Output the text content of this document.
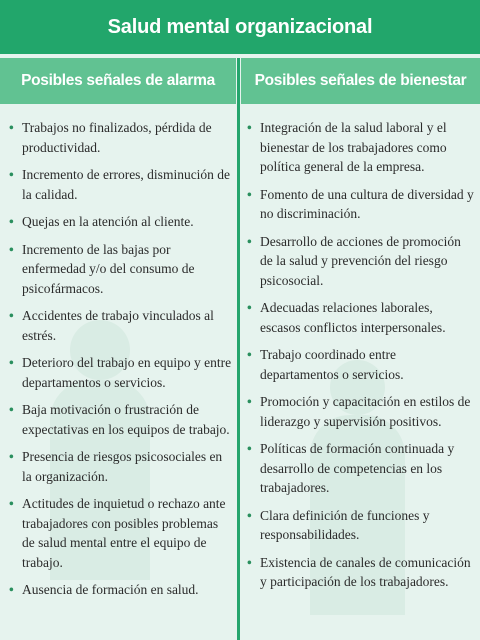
Salud mental organizacional
Posibles señales de alarma	Posibles señales de bienestar
• Trabajos no finalizados, pérdida de productividad.
• Incremento de errores, disminución de la calidad.
• Quejas en la atención al cliente.
• Incremento de las bajas por enfermedad y/o del consumo de psicofármacos.
• Accidentes de trabajo vinculados al estrés.
• Deterioro del trabajo en equipo y entre departamentos o servicios.
• Baja motivación o frustración de expectativas en los equipos de trabajo.
• Presencia de riesgos psicosociales en la organización.
• Actitudes de inquietud o rechazo ante trabajadores con posibles problemas de salud mental entre el equipo de trabajo.
• Ausencia de formación en salud.
• Integración de la salud laboral y el bienestar de los trabajadores como política general de la empresa.
• Fomento de una cultura de diversidad y no discriminación.
• Desarrollo de acciones de promoción de la salud y prevención del riesgo psicosocial.
• Adecuadas relaciones laborales, escasos conflictos interpersonales.
• Trabajo coordinado entre departamentos o servicios.
• Promoción y capacitación en estilos de liderazgo y supervisión positivos.
• Políticas de formación continuada y desarrollo de competencias en los trabajadores.
• Clara definición de funciones y responsabilidades.
• Existencia de canales de comunicación y participación de los trabajadores.
